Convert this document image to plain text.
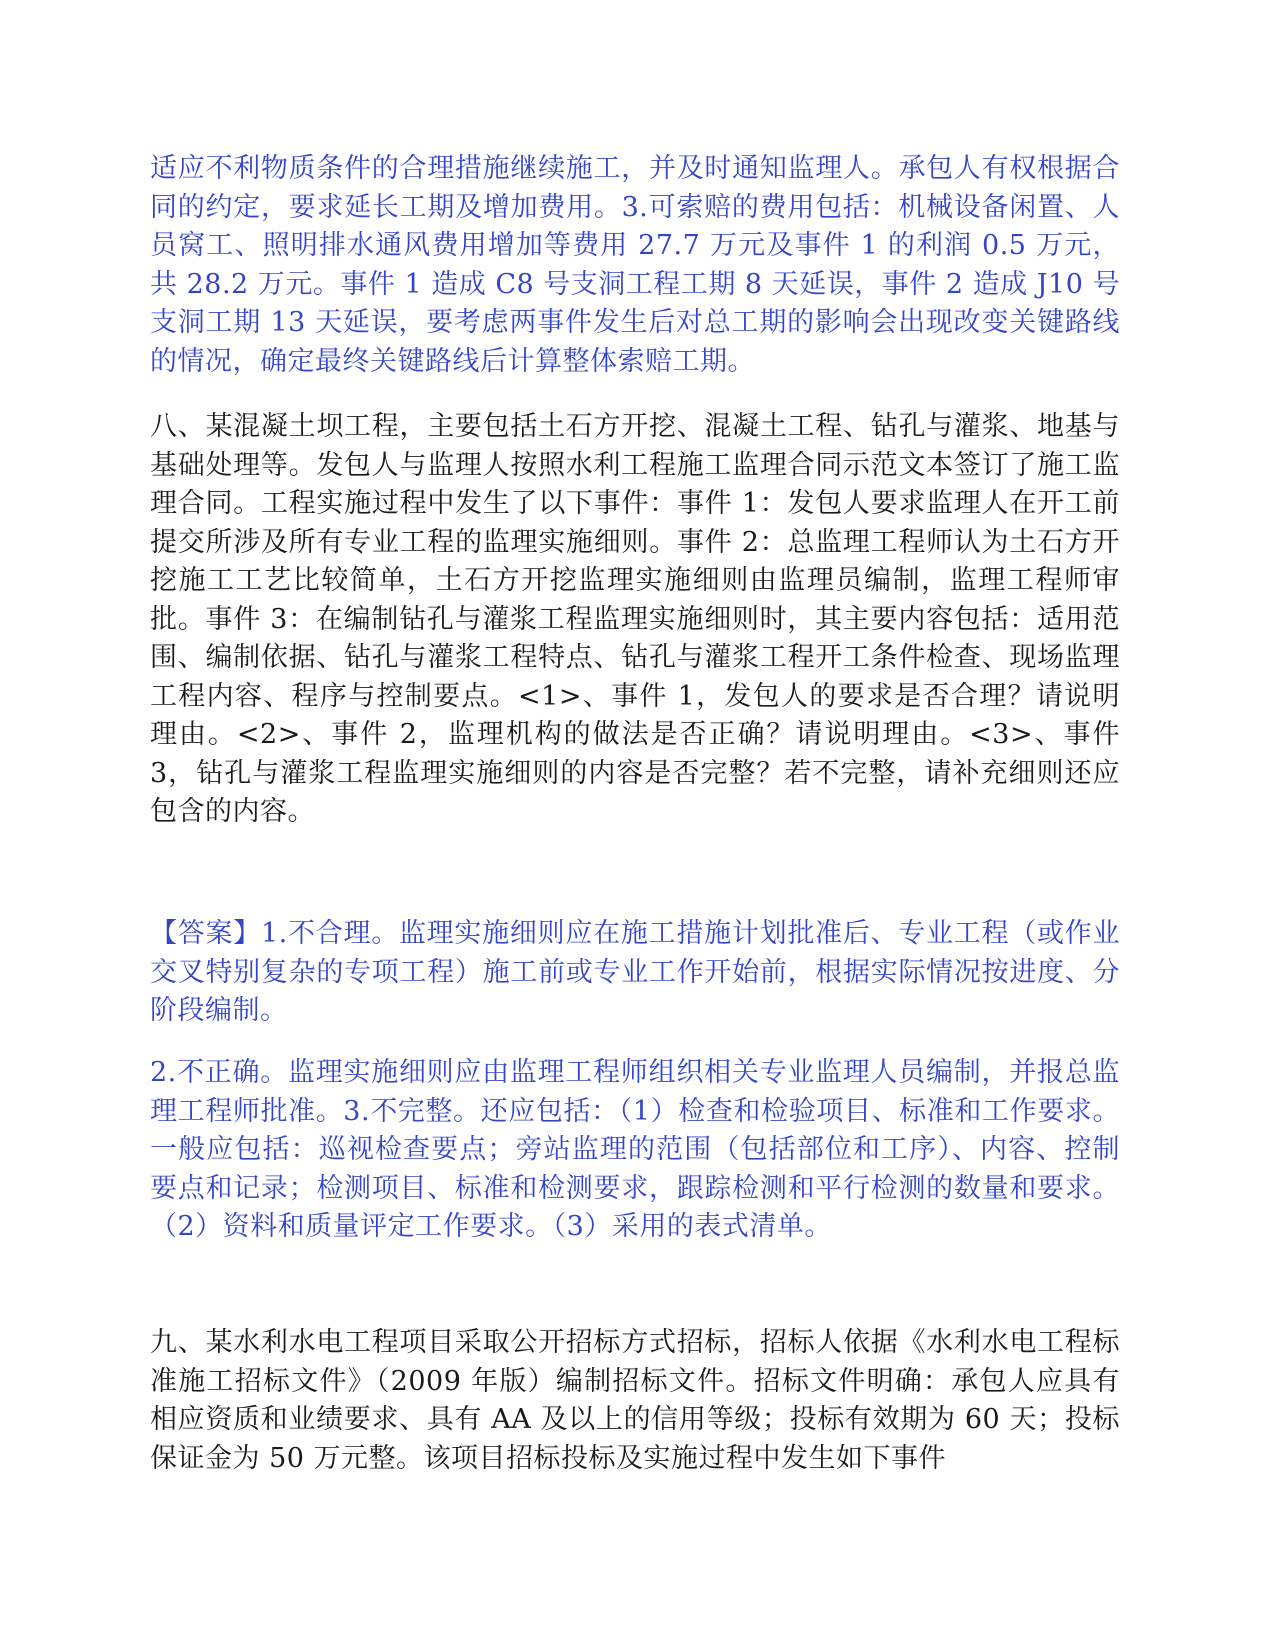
适应不利物质条件的合理措施继续施工，并及时通知监理人。承包人有权根据合同的约定，要求延长工期及增加费用。3.可索赔的费用包括：机械设备闲置、人员窝工、照明排水通风费用增加等费用 27.7 万元及事件 1 的利润 0.5 万元，共 28.2 万元。事件 1 造成 C8 号支洞工程工期 8 天延误，事件 2 造成 J10 号支洞工期 13 天延误，要考虑两事件发生后对总工期的影响会出现改变关键路线的情况，确定最终关键路线后计算整体索赔工期。

八、某混凝土坝工程，主要包括土石方开挖、混凝土工程、钻孔与灌浆、地基与基础处理等。发包人与监理人按照水利工程施工监理合同示范文本签订了施工监理合同。工程实施过程中发生了以下事件：事件 1：发包人要求监理人在开工前提交所涉及所有专业工程的监理实施细则。事件 2：总监理工程师认为土石方开挖施工工艺比较简单，土石方开挖监理实施细则由监理员编制，监理工程师审批。事件 3：在编制钻孔与灌浆工程监理实施细则时，其主要内容包括：适用范围、编制依据、钻孔与灌浆工程特点、钻孔与灌浆工程开工条件检查、现场监理工程内容、程序与控制要点。<1>、事件 1，发包人的要求是否合理？请说明理由。<2>、事件 2，监理机构的做法是否正确？请说明理由。<3>、事件 3，钻孔与灌浆工程监理实施细则的内容是否完整？若不完整，请补充细则还应包含的内容。

【答案】1.不合理。监理实施细则应在施工措施计划批准后、专业工程（或作业交叉特别复杂的专项工程）施工前或专业工作开始前，根据实际情况按进度、分阶段编制。

2.不正确。监理实施细则应由监理工程师组织相关专业监理人员编制，并报总监理工程师批准。3.不完整。还应包括：（1）检查和检验项目、标准和工作要求。一般应包括：巡视检查要点；旁站监理的范围（包括部位和工序）、内容、控制要点和记录；检测项目、标准和检测要求，跟踪检测和平行检测的数量和要求。（2）资料和质量评定工作要求。（3）采用的表式清单。

九、某水利水电工程项目采取公开招标方式招标，招标人依据《水利水电工程标准施工招标文件》（2009 年版）编制招标文件。招标文件明确：承包人应具有相应资质和业绩要求、具有 AA 及以上的信用等级；投标有效期为 60 天；投标保证金为 50 万元整。该项目招标投标及实施过程中发生如下事件
